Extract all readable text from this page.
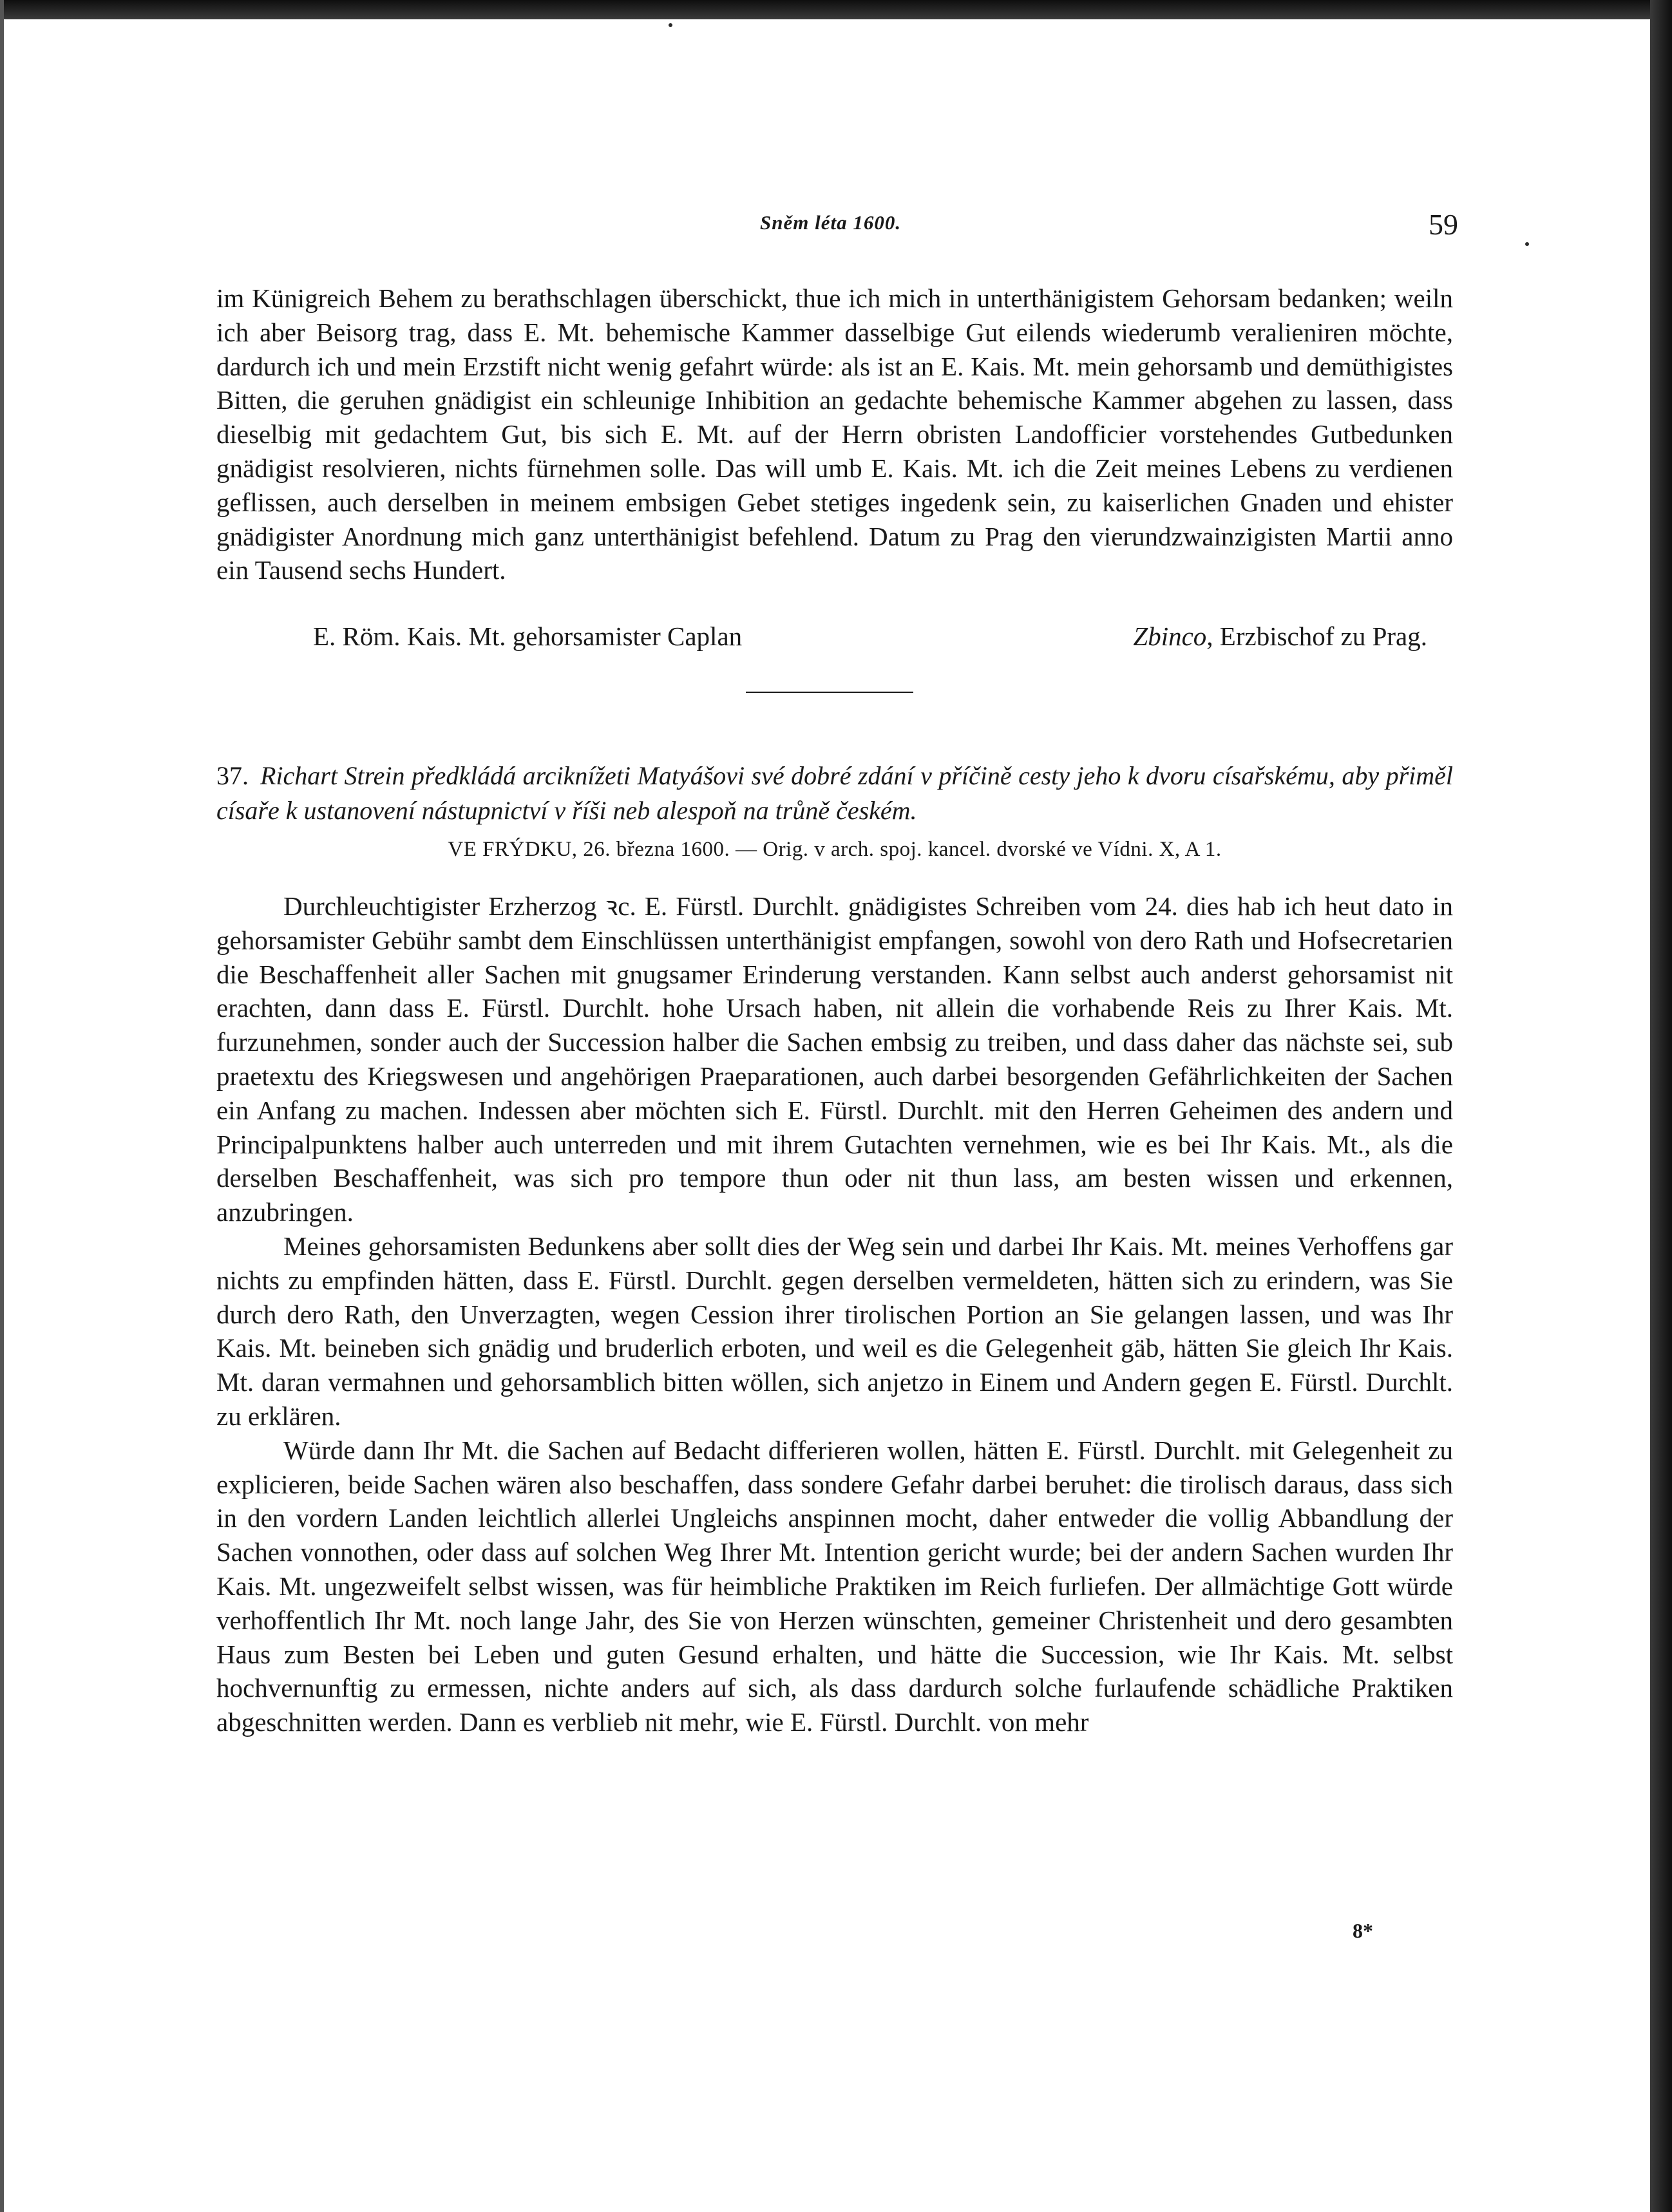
Sněm léta 1600.	59

im Künigreich Behem zu berathschlagen überschickt, thue ich mich in unterthänigistem Gehorsam bedanken; weiln ich aber Beisorg trag, dass E. Mt. behemische Kammer dasselbige Gut eilends wiederumb veralieniren möchte, dardurch ich und mein Erzstift nicht wenig gefahrt würde: als ist an E. Kais. Mt. mein gehorsamb und demüthigistes Bitten, die geruhen gnädigist ein schleunige Inhibition an gedachte behemische Kammer abgehen zu lassen, dass dieselbig mit gedachtem Gut, bis sich E. Mt. auf der Herrn obristen Landofficier vorstehendes Gutbedunken gnädigist resolvieren, nichts fürnehmen solle. Das will umb E. Kais. Mt. ich die Zeit meines Lebens zu verdienen geflissen, auch derselben in meinem embsigen Gebet stetiges ingedenk sein, zu kaiserlichen Gnaden und ehister gnädigister Anordnung mich ganz unterthänigist befehlend. Datum zu Prag den vierundzwainzigisten Martii anno ein Tausend sechs Hundert.

E. Röm. Kais. Mt. gehorsamister Caplan	Zbinco, Erzbischof zu Prag.
37. Richart Strein předkládá arciknížeti Matyášovi své dobré zdání v příčině cesty jeho k dvoru císařskému, aby přiměl císaře k ustanovení nástupnictví v říši neb alespoň na trůně českém.
VE FRÝDKU, 26. března 1600. — Orig. v arch. spoj. kancel. dvorské ve Vídni. X, A 1.

Durchleuchtigister Erzherzog ꝛc. E. Fürstl. Durchlt. gnädigistes Schreiben vom 24. dies hab ich heut dato in gehorsamister Gebühr sambt dem Einschlüssen unterthänigist empfangen, sowohl von dero Rath und Hofsecretarien die Beschaffenheit aller Sachen mit gnugsamer Erinderung verstanden. Kann selbst auch anderst gehorsamist nit erachten, dann dass E. Fürstl. Durchlt. hohe Ursach haben, nit allein die vorhabende Reis zu Ihrer Kais. Mt. furzunehmen, sonder auch der Succession halber die Sachen embsig zu treiben, und dass daher das nächste sei, sub praetextu des Kriegswesen und angehörigen Praeparationen, auch darbei besorgenden Gefährlichkeiten der Sachen ein Anfang zu machen. Indessen aber möchten sich E. Fürstl. Durchlt. mit den Herren Geheimen des andern und Principalpunktens halber auch unterreden und mit ihrem Gutachten vernehmen, wie es bei Ihr Kais. Mt., als die derselben Beschaffenheit, was sich pro tempore thun oder nit thun lass, am besten wissen und erkennen, anzubringen.

Meines gehorsamisten Bedunkens aber sollt dies der Weg sein und darbei Ihr Kais. Mt. meines Verhoffens gar nichts zu empfinden hätten, dass E. Fürstl. Durchlt. gegen derselben vermeldeten, hätten sich zu erindern, was Sie durch dero Rath, den Unverzagten, wegen Cession ihrer tirolischen Portion an Sie gelangen lassen, und was Ihr Kais. Mt. beineben sich gnädig und bruderlich erboten, und weil es die Gelegenheit gäb, hätten Sie gleich Ihr Kais. Mt. daran vermahnen und gehorsamblich bitten wöllen, sich anjetzo in Einem und Andern gegen E. Fürstl. Durchlt. zu erklären.

Würde dann Ihr Mt. die Sachen auf Bedacht differieren wollen, hätten E. Fürstl. Durchlt. mit Gelegenheit zu explicieren, beide Sachen wären also beschaffen, dass sondere Gefahr darbei beruhet: die tirolisch daraus, dass sich in den vordern Landen leichtlich allerlei Ungleichs anspinnen mocht, daher entweder die vollig Abbandlung der Sachen vonnothen, oder dass auf solchen Weg Ihrer Mt. Intention gericht wurde; bei der andern Sachen wurden Ihr Kais. Mt. ungezweifelt selbst wissen, was für heimbliche Praktiken im Reich furliefen. Der allmächtige Gott würde verhoffentlich Ihr Mt. noch lange Jahr, des Sie von Herzen wünschten, gemeiner Christenheit und dero gesambten Haus zum Besten bei Leben und guten Gesund erhalten, und hätte die Succession, wie Ihr Kais. Mt. selbst hochvernunftig zu ermessen, nichte anders auf sich, als dass dardurch solche furlaufende schädliche Praktiken abgeschnitten werden. Dann es verblieb nit mehr, wie E. Fürstl. Durchlt. von mehr

8*
